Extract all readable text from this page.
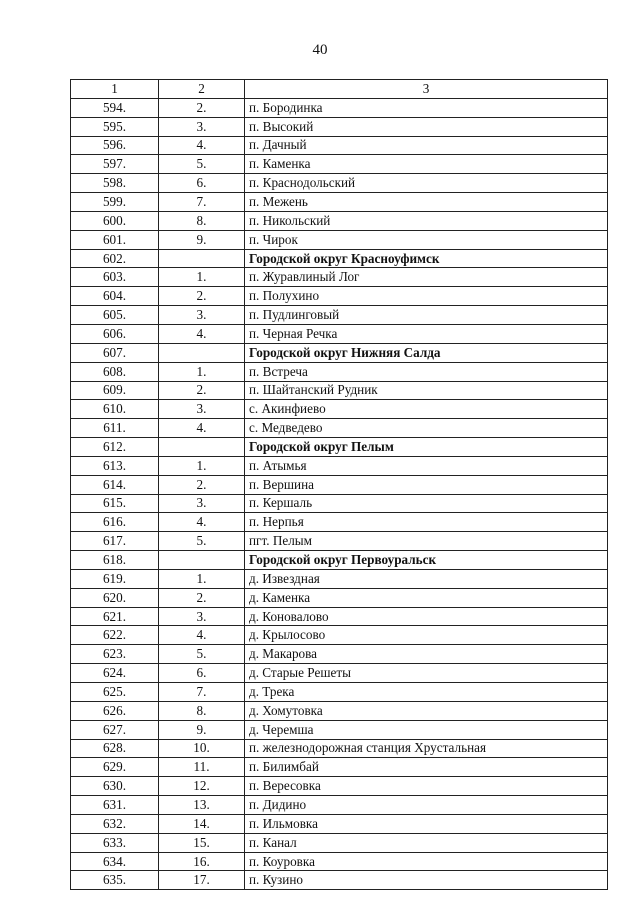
40
1	2	3
594.	2.	п. Бородинка
595.	3.	п. Высокий
596.	4.	п. Дачный
597.	5.	п. Каменка
598.	6.	п. Краснодольский
599.	7.	п. Межень
600.	8.	п. Никольский
601.	9.	п. Чирок
602.		Городской округ Красноуфимск
603.	1.	п. Журавлиный Лог
604.	2.	п. Полухино
605.	3.	п. Пудлинговый
606.	4.	п. Черная Речка
607.		Городской округ Нижняя Салда
608.	1.	п. Встреча
609.	2.	п. Шайтанский Рудник
610.	3.	с. Акинфиево
611.	4.	с. Медведево
612.		Городской округ Пелым
613.	1.	п. Атымья
614.	2.	п. Вершина
615.	3.	п. Кершаль
616.	4.	п. Нерпья
617.	5.	пгт. Пелым
618.		Городской округ Первоуральск
619.	1.	д. Извездная
620.	2.	д. Каменка
621.	3.	д. Коновалово
622.	4.	д. Крылосово
623.	5.	д. Макарова
624.	6.	д. Старые Решеты
625.	7.	д. Трека
626.	8.	д. Хомутовка
627.	9.	д. Черемша
628.	10.	п. железнодорожная станция Хрустальная
629.	11.	п. Билимбай
630.	12.	п. Вересовка
631.	13.	п. Дидино
632.	14.	п. Ильмовка
633.	15.	п. Канал
634.	16.	п. Коуровка
635.	17.	п. Кузино
